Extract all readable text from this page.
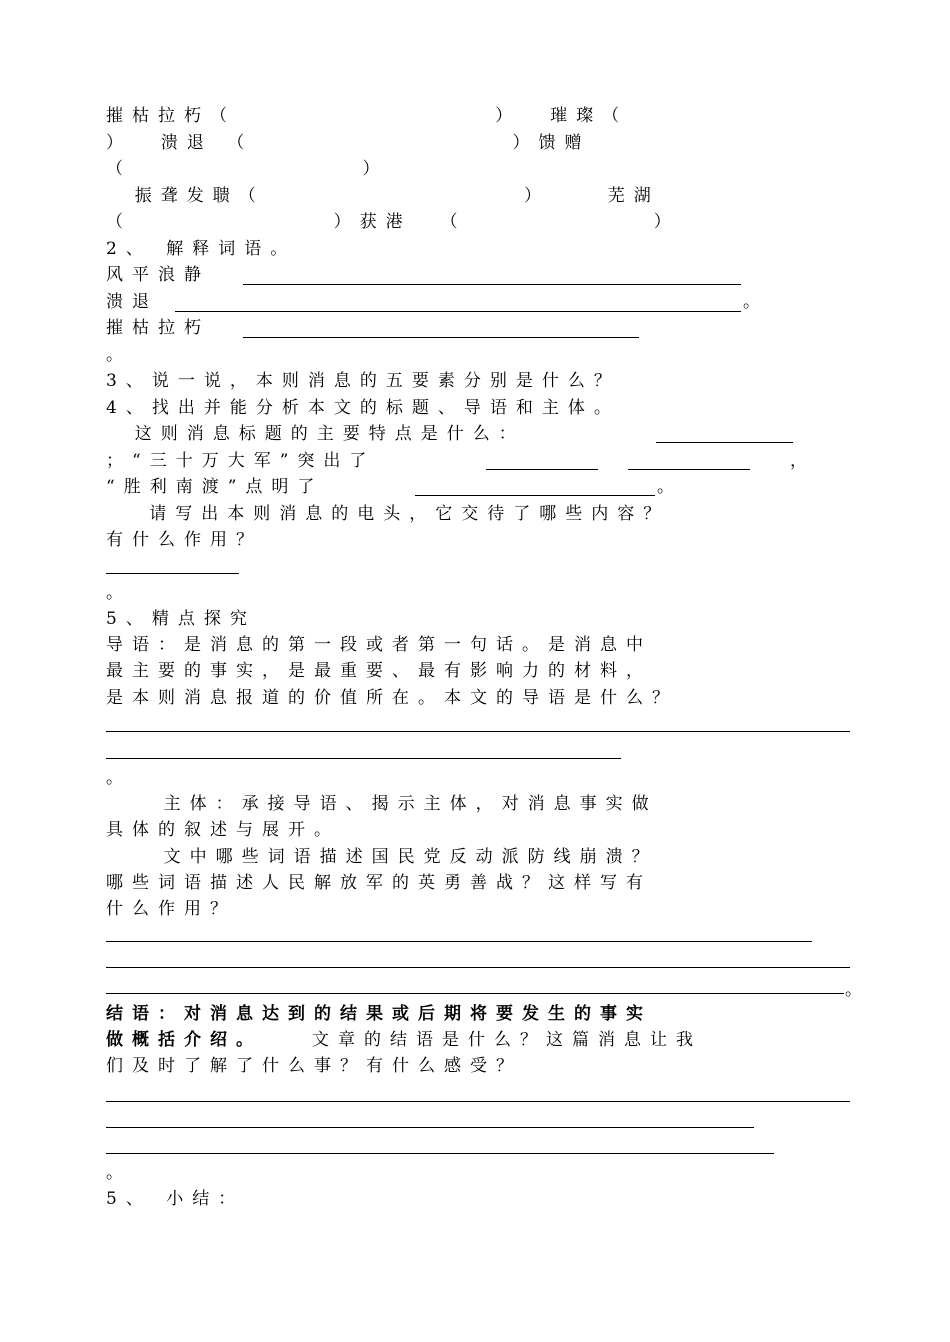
摧枯拉朽（                  ）  璀璨（
）  溃退 （                  ）馈赠
（                ）
振聋发聩（                  ）    芜湖
（              ）获港  （             ）
2、 解释词语。
风平浪静
溃退	。
摧枯拉朽
。
3、说一说，本则消息的五要素分别是什么？
4、找出并能分析本文的标题、导语和主体。
这则消息标题的主要特点是什么：
；“三十万大军”突出了	，
“胜利南渡”点明了	。
请写出本则消息的电头，它交待了哪些内容？
有什么作用？
。
5、精点探究
导语：是消息的第一段或者第一句话。是消息中
最主要的事实，是最重要、最有影响力的材料，
是本则消息报道的价值所在。本文的导语是什么？
。
主体：承接导语、揭示主体，对消息事实做
具体的叙述与展开。
文中哪些词语描述国民党反动派防线崩溃？
哪些词语描述人民解放军的英勇善战？这样写有
什么作用？
。
结语：对消息达到的结果或后期将要发生的事实
做概括介绍。	文章的结语是什么？这篇消息让我
们及时了解了什么事？有什么感受？
。
5、 小结：
